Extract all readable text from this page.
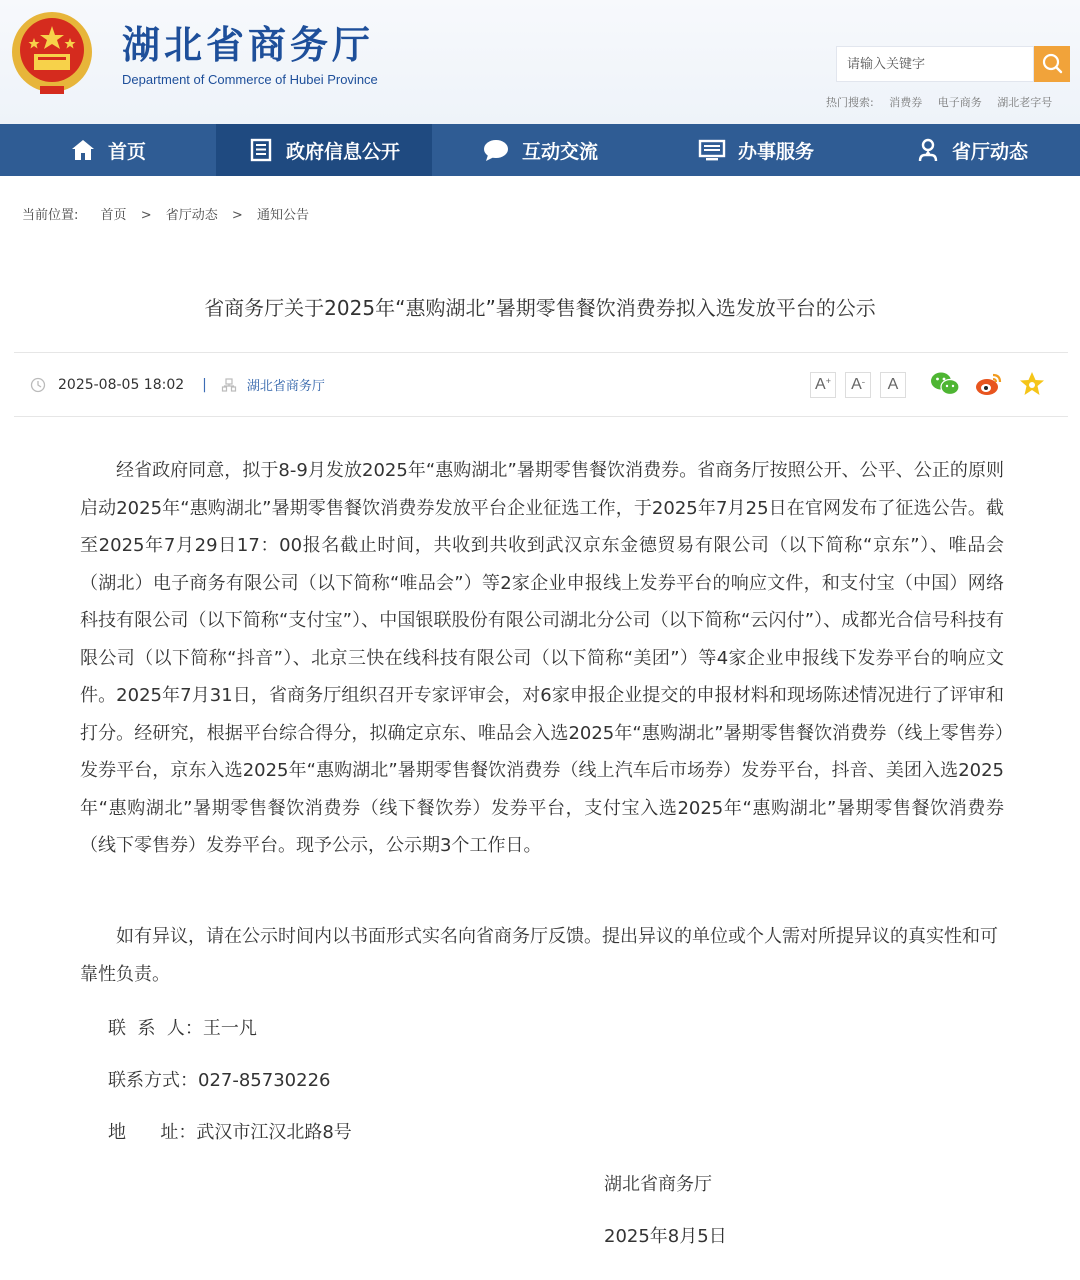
湖北省商务厅
Department of Commerce of Hubei Province
请输入关键字
热门搜索: 消费券 电子商务 湖北老字号
首页	政府信息公开	互动交流	办事服务	省厅动态
当前位置: 首页 > 省厅动态 > 通知公告
省商务厅关于2025年“惠购湖北”暑期零售餐饮消费券拟入选发放平台的公示
2025-08-05 18:02 |	湖北省商务厅	A +	A ˗	A

经省政府同意，拟于8-9月发放2025年“惠购湖北”暑期零售餐饮消费券。省商务厅按照公开、公平、公正的原则启动2025年“惠购湖北”暑期零售餐饮消费券发放平台企业征选工作，于2025年7月25日在官网发布了征选公告。截至2025年7月29日17：00报名截止时间，共收到共收到武汉京东金德贸易有限公司（以下简称“京东”）、唯品会（湖北）电子商务有限公司（以下简称“唯品会”）等2家企业申报线上发券平台的响应文件，和支付宝（中国）网络科技有限公司（以下简称“支付宝”）、中国银联股份有限公司湖北分公司（以下简称“云闪付”）、成都光合信号科技有限公司（以下简称“抖音”）、北京三快在线科技有限公司（以下简称“美团”）等4家企业申报线下发券平台的响应文件。2025年7月31日，省商务厅组织召开专家评审会，对6家申报企业提交的申报材料和现场陈述情况进行了评审和打分。经研究，根据平台综合得分，拟确定京东、唯品会入选2025年“惠购湖北”暑期零售餐饮消费券（线上零售券）发券平台，京东入选2025年“惠购湖北”暑期零售餐饮消费券（线上汽车后市场券）发券平台，抖音、美团入选2025年“惠购湖北”暑期零售餐饮消费券（线下餐饮券）发券平台，支付宝入选2025年“惠购湖北”暑期零售餐饮消费券（线下零售券）发券平台。现予公示，公示期3个工作日。

如有异议，请在公示时间内以书面形式实名向省商务厅反馈。提出异议的单位或个人需对所提异议的真实性和可靠性负责。

联  系  人：王一凡
联系方式：027-85730226
地      址：武汉市江汉北路8号
湖北省商务厅
2025年8月5日
